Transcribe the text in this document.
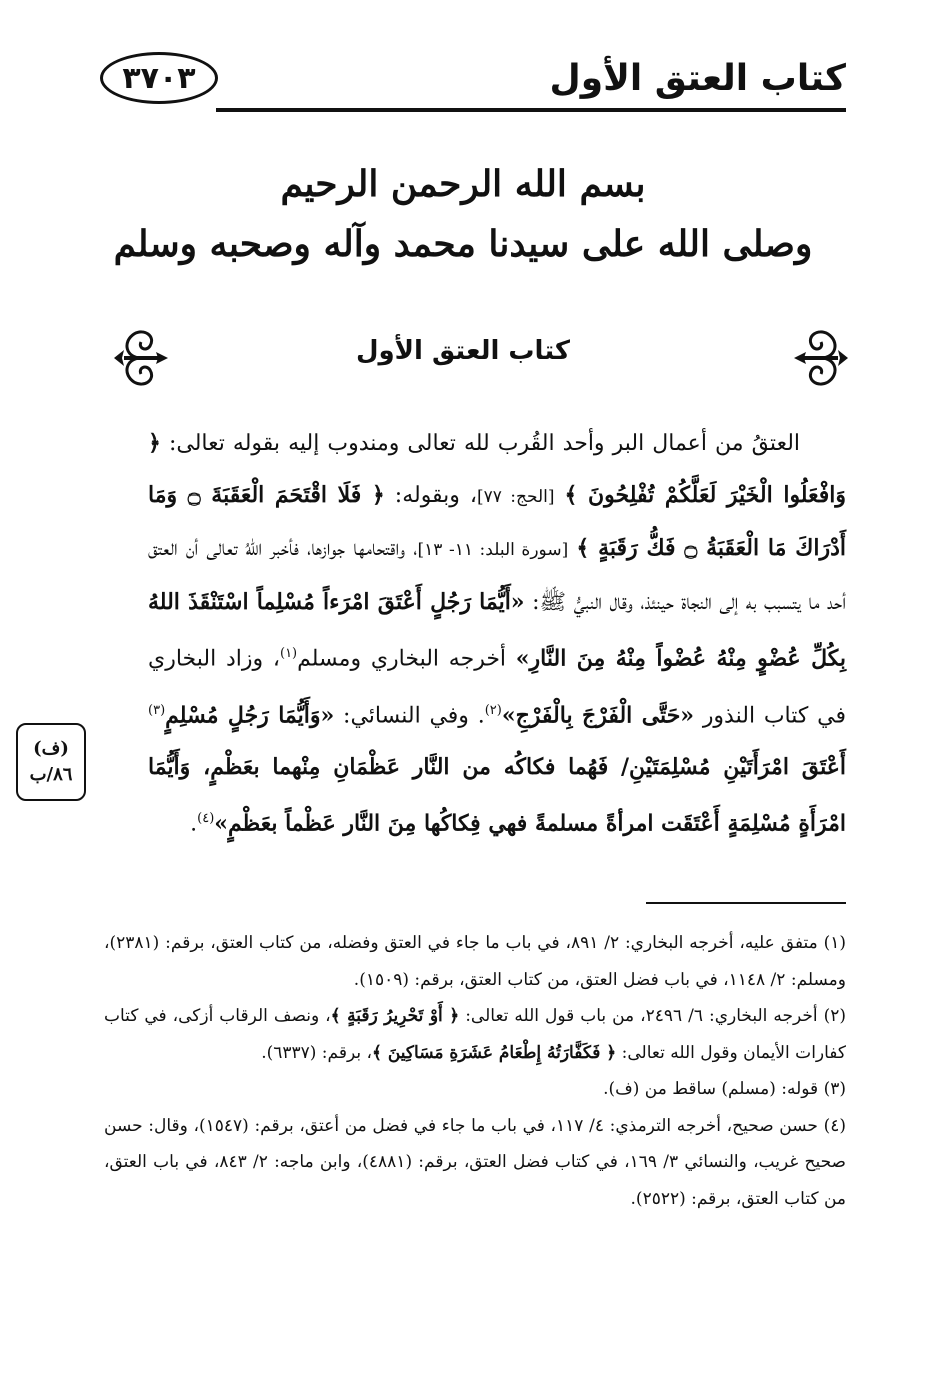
٣٧٠٣	كتاب العتق الأول
بسم الله الرحمن الرحيم
وصلى الله على سيدنا محمد وآله وصحبه وسلم
كتاب العتق الأول
(ف)
٨٦/ب

العتقُ من أعمال البر وأحد القُرب لله تعالى ومندوب إليه بقوله تعالى: ﴿ وَافْعَلُوا الْخَيْرَ لَعَلَّكُمْ تُفْلِحُونَ ﴾ [الحج: ٧٧]، وبقوله: ﴿ فَلَا اقْتَحَمَ الْعَقَبَةَ ۝ وَمَا أَدْرَاكَ مَا الْعَقَبَةُ ۝ فَكُّ رَقَبَةٍ ﴾ [سورة البلد: ١١- ١٣]، واقتحامها جوازها، فأخبر اللهُ تعالى أن العتق أحد ما يتسبب به إلى النجاة حينئذ، وقال النبيُّ ﷺ: «أَيُّمَا رَجُلٍ أَعْتَقَ امْرَءاً مُسْلِماً اسْتَنْقَذَ اللهُ بِكُلِّ عُضْوٍ مِنْهُ عُضْواً مِنْهُ مِنَ النَّارِ» أخرجه البخاري ومسلم$^{(١)}$، وزاد البخاري في كتاب النذور «حَتَّى الْفَرْجَ بِالْفَرْجِ»$^{(٢)}$. وفي النسائي: «وَأَيُّمَا رَجُلٍ مُسْلِمٍ$^{(٣)}$ أَعْتَقَ امْرَأَتَيْنِ مُسْلِمَتَيْنِ/ فَهُما فكاكُه من النَّار عَظْمَانِ مِنْهما بعَظْمٍ، وَأَيُّمَا امْرَأَةٍ مُسْلِمَةٍ أَعْتَقَت امرأةً مسلمةً فهي فِكاكُها مِنَ النَّار عَظْماً بعَظْمٍ»$^{(٤)}$.

(١) متفق عليه، أخرجه البخاري: ٢/ ٨٩١، في باب ما جاء في العتق وفضله، من كتاب العتق، برقم: (٢٣٨١)، ومسلم: ٢/ ١١٤٨، في باب فضل العتق، من كتاب العتق، برقم: (١٥٠٩).

(٢) أخرجه البخاري: ٦/ ٢٤٩٦، من باب قول الله تعالى: ﴿ أَوْ تَحْرِيرُ رَقَبَةٍ ﴾، ونصف الرقاب أزكى، في كتاب كفارات الأيمان وقول الله تعالى: ﴿ فَكَفَّارَتُهُ إِطْعَامُ عَشَرَةِ مَسَاكِينَ ﴾، برقم: (٦٣٣٧).

(٣) قوله: (مسلم) ساقط من (ف).

(٤) حسن صحيح، أخرجه الترمذي: ٤/ ١١٧، في باب ما جاء في فضل من أعتق، برقم: (١٥٤٧)، وقال: حسن صحيح غريب، والنسائي ٣/ ١٦٩، في كتاب فضل العتق، برقم: (٤٨٨١)، وابن ماجه: ٢/ ٨٤٣، في باب العتق، من كتاب العتق، برقم: (٢٥٢٢).
